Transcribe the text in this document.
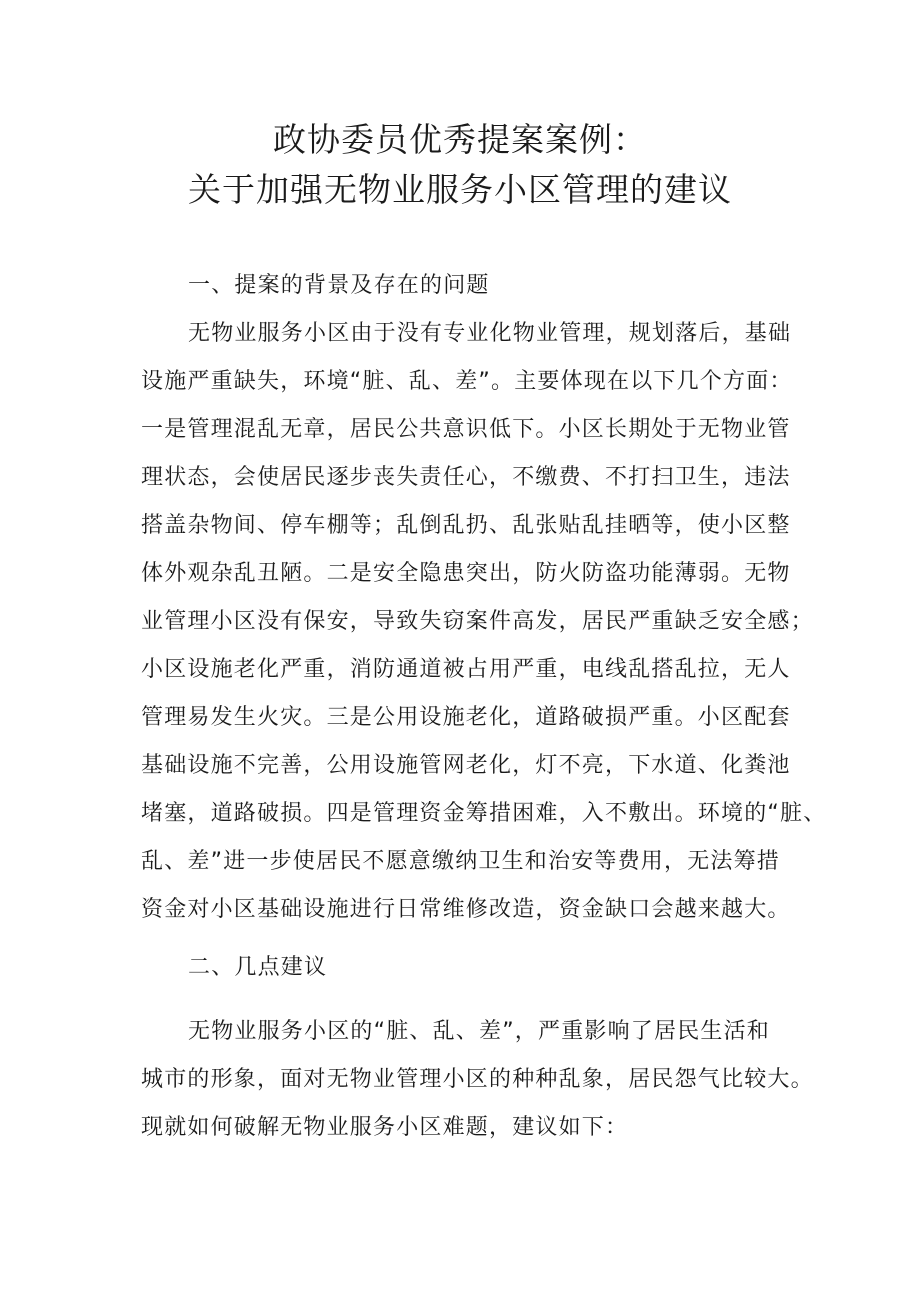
政协委员优秀提案案例：
关于加强无物业服务小区管理的建议
一、提案的背景及存在的问题
无物业服务小区由于没有专业化物业管理，规划落后，基础
设施严重缺失，环境“脏、乱、差”。主要体现在以下几个方面：
一是管理混乱无章，居民公共意识低下。小区长期处于无物业管
理状态，会使居民逐步丧失责任心，不缴费、不打扫卫生，违法
搭盖杂物间、停车棚等；乱倒乱扔、乱张贴乱挂晒等，使小区整
体外观杂乱丑陋。二是安全隐患突出，防火防盗功能薄弱。无物
业管理小区没有保安，导致失窃案件高发，居民严重缺乏安全感；
小区设施老化严重，消防通道被占用严重，电线乱搭乱拉，无人
管理易发生火灾。三是公用设施老化，道路破损严重。小区配套
基础设施不完善，公用设施管网老化，灯不亮，下水道、化粪池
堵塞，道路破损。四是管理资金筹措困难，入不敷出。环境的“脏、
乱、差”进一步使居民不愿意缴纳卫生和治安等费用，无法筹措
资金对小区基础设施进行日常维修改造，资金缺口会越来越大。
二、几点建议
无物业服务小区的“脏、乱、差”，严重影响了居民生活和
城市的形象，面对无物业管理小区的种种乱象，居民怨气比较大。
现就如何破解无物业服务小区难题，建议如下：
